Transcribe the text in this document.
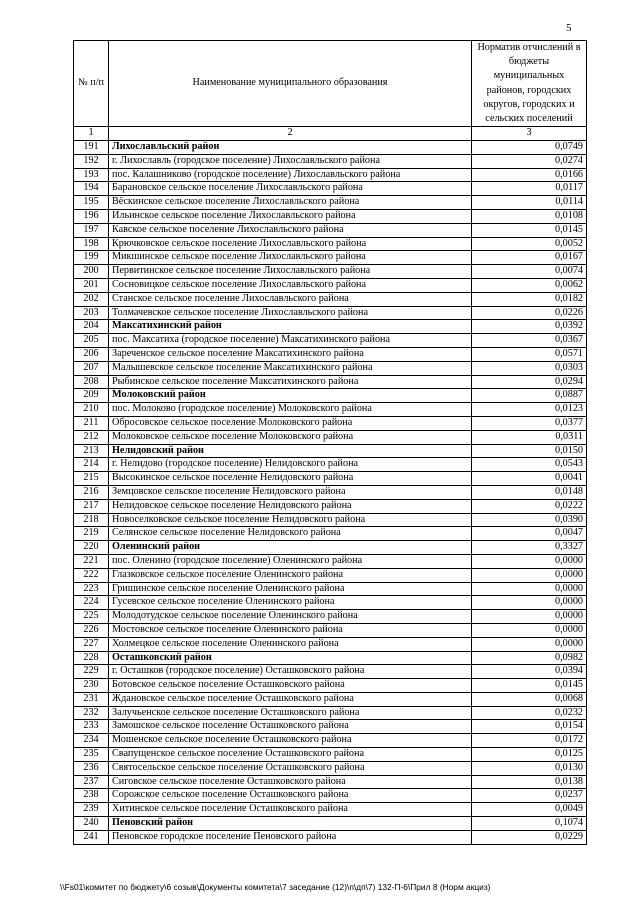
5
№ п/п	Наименование муниципального образования	Норматив отчислений в бюджеты муниципальных районов, городских округов, городских и сельских поселений
1	2	3
191	Лихославльский район	0,0749
192	г. Лихославль (городское поселение) Лихославльского района	0,0274
193	пос. Калашниково (городское поселение) Лихославльского района	0,0166
194	Барановское сельское поселение Лихославльского района	0,0117
195	Вёскинское сельское поселение Лихославльского района	0,0114
196	Ильинское сельское поселение Лихославльского района	0,0108
197	Кавское сельское поселение Лихославльского района	0,0145
198	Крючковское сельское поселение Лихославльского района	0,0052
199	Микшинское сельское поселение Лихославльского района	0,0167
200	Первитинское сельское поселение Лихославльского района	0,0074
201	Сосновицкое сельское поселение Лихославльского района	0,0062
202	Станское сельское поселение Лихославльского района	0,0182
203	Толмачевское сельское поселение Лихославльского района	0,0226
204	Максатихинский район	0,0392
205	пос. Максатиха (городское поселение) Максатихинского района	0,0367
206	Зареченское сельское поселение Максатихинского района	0,0571
207	Малышевское сельское поселение Максатихинского района	0,0303
208	Рыбинское сельское поселение Максатихинского района	0,0294
209	Молоковский район	0,0887
210	пос. Молоково (городское поселение) Молоковского района	0,0123
211	Обросовское сельское поселение Молоковского района	0,0377
212	Молоковское сельское поселение Молоковского района	0,0311
213	Нелидовский район	0,0150
214	г. Нелидово (городское поселение) Нелидовского района	0,0543
215	Высокинское сельское поселение Нелидовского района	0,0041
216	Земцовское сельское поселение Нелидовского района	0,0148
217	Нелидовское сельское поселение Нелидовского района	0,0222
218	Новоселковское сельское поселение Нелидовского района	0,0390
219	Селянское сельское поселение Нелидовского района	0,0047
220	Оленинский район	0,3327
221	пос. Оленино (городское поселение) Оленинского района	0,0000
222	Глазковское сельское поселение Оленинского района	0,0000
223	Гришинское сельское поселение Оленинского района	0,0000
224	Гусевское сельское поселение Оленинского района	0,0000
225	Молодотудское сельское поселение Оленинского района	0,0000
226	Мостовское сельское поселение Оленинского района	0,0000
227	Холмецкое сельское поселение Оленинского района	0,0000
228	Осташковский район	0,0982
229	г. Осташков (городское поселение) Осташковского района	0,0394
230	Ботовское сельское поселение Осташковского района	0,0145
231	Ждановское сельское поселение Осташковского района	0,0068
232	Залучьенское сельское поселение Осташковского района	0,0232
233	Замошское сельское поселение Осташковского района	0,0154
234	Мошенское сельское поселение Осташковского района	0,0172
235	Свапущенское сельское поселение Осташковского района	0,0125
236	Святосельское сельское поселение Осташковского района	0,0130
237	Сиговское сельское поселение Осташковского района	0,0138
238	Сорожское сельское поселение Осташковского района	0,0237
239	Хитинское сельское поселение Осташковского района	0,0049
240	Пеновский район	0,1074
241	Пеновское городское поселение Пеновского района	0,0229
\\Fs01\комитет по бюджету\6 созыв\Документы комитета\7 заседание (12)\п\дп\7) 132-П-6\Прил 8 (Норм акциз)
